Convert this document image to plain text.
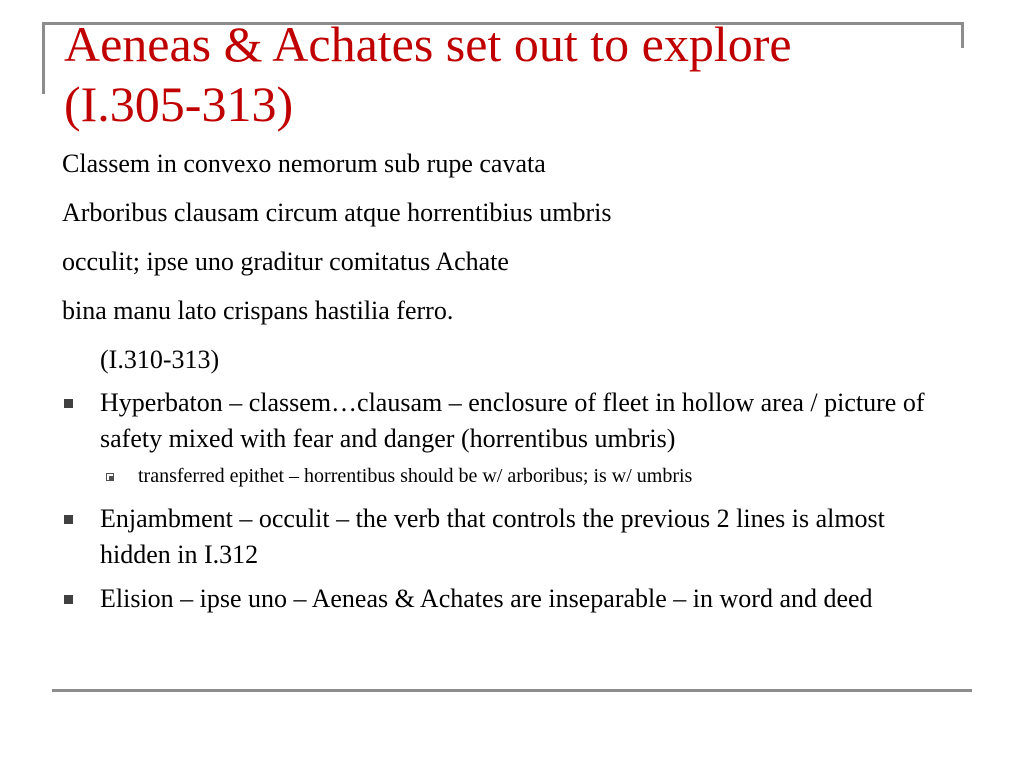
Aeneas & Achates set out to explore
(I.305-313)

Classem in convexo nemorum sub rupe cavata

Arboribus clausam circum atque horrentibius umbris

occulit; ipse uno graditur comitatus Achate

bina manu lato crispans hastilia ferro.

(I.310-313)

Hyperbaton – classem…clausam – enclosure of fleet in hollow area / picture of safety mixed with fear and danger (horrentibus umbris)
transferred epithet – horrentibus should be w/ arboribus; is w/ umbris
Enjambment – occulit – the verb that controls the previous 2 lines is almost hidden in I.312
Elision – ipse uno – Aeneas & Achates are inseparable – in word and deed
